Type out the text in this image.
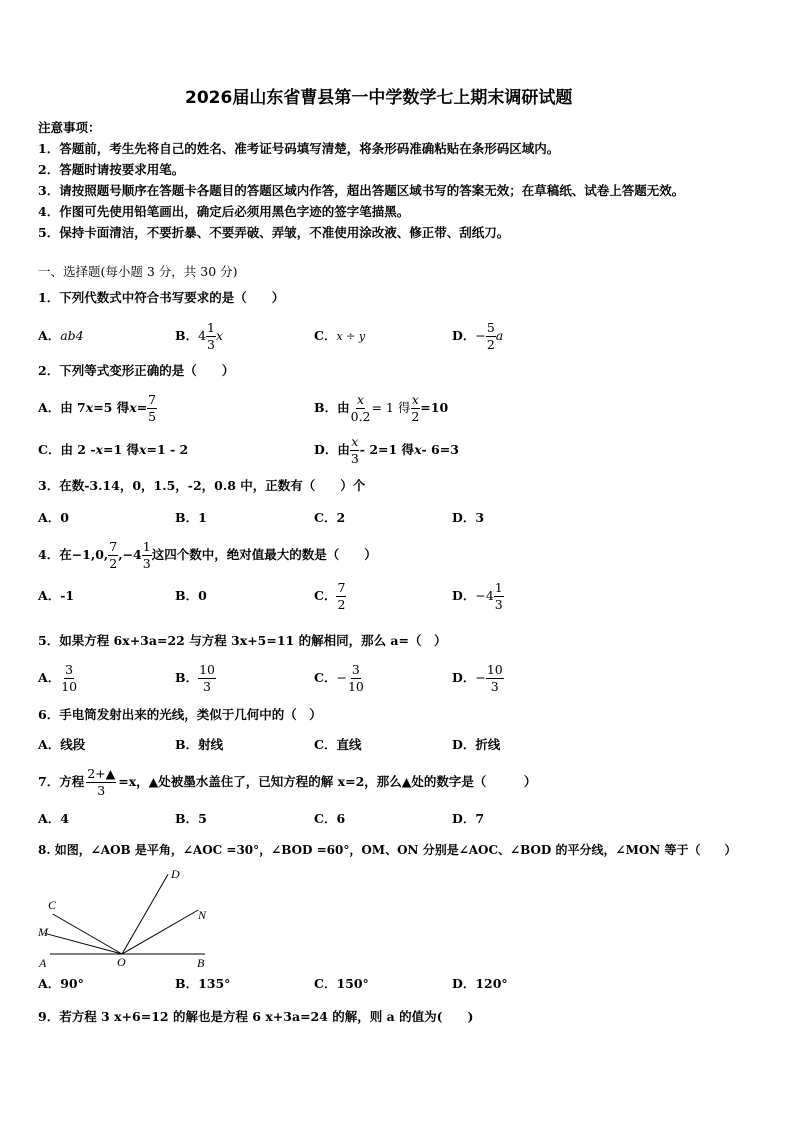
2026届山东省曹县第一中学数学七上期末调研试题
注意事项：
1．答题前，考生先将自己的姓名、准考证号码填写清楚，将条形码准确粘贴在条形码区域内。
2．答题时请按要求用笔。
3．请按照题号顺序在答题卡各题目的答题区域内作答，超出答题区域书写的答案无效；在草稿纸、试卷上答题无效。
4．作图可先使用铅笔画出，确定后必须用黑色字迹的签字笔描黑。
5．保持卡面清洁，不要折暴、不要弄破、弄皱，不准使用涂改液、修正带、刮纸刀。
一、选择题(每小题 3 分，共 30 分)
1．下列代数式中符合书写要求的是（　　）
A． ab4	B． $4 \frac{1}{3}$ x	C． x ÷ y	D． − $\frac{5}{2}$ a
2．下列等式变形正确的是（　　）
A．由 7 x =5 得 $x = \frac{7}{5}$	B．由 $\frac{x}{0.2} = 1$ 得 $\frac{x}{2} =10$
C．由 2 - x =1 得 x =1 - 2	D．由 $\frac{x}{3} - 2=1$ 得 x - 6=3
3．在数-3.14，0，1.5，-2，0.8 中，正数有（　　）个
A．0	B．1	C．2	D．3
4．在−1,0, $\frac{7}{2} ,-4 \frac{1}{3}$ 这四个数中，绝对值最大的数是（　　）
A．-1	B．0	C． $\frac{7}{2}$	D． $-4 \frac{1}{3}$
5．如果方程 6x+3a=22 与方程 3x+5=11 的解相同，那么 a=（　）
A． $\frac{3}{10}$	B． $\frac{10}{3}$	C． − $\frac{3}{10}$	D． − $\frac{10}{3}$
6．手电筒发射出来的光线，类似于几何中的（　）
A．线段	B．射线	C．直线	D．折线
7．方程 $\frac{2+▲}{3} =x$，▲处被墨水盖住了，已知方程的解 x=2，那么▲处的数字是（　　　）
A．4	B．5	C．6	D．7
8. 如图，∠AOB 是平角，∠AOC =30°，∠BOD =60°，OM、ON 分别是∠AOC、∠BOD 的平分线，∠MON 等于（　　）
A	O	B
C
M
D
N
A．90°	B．135°	C．150°	D．120°
9．若方程 3 x+6=12 的解也是方程 6 x+3a=24 的解，则 a 的值为(　　)
